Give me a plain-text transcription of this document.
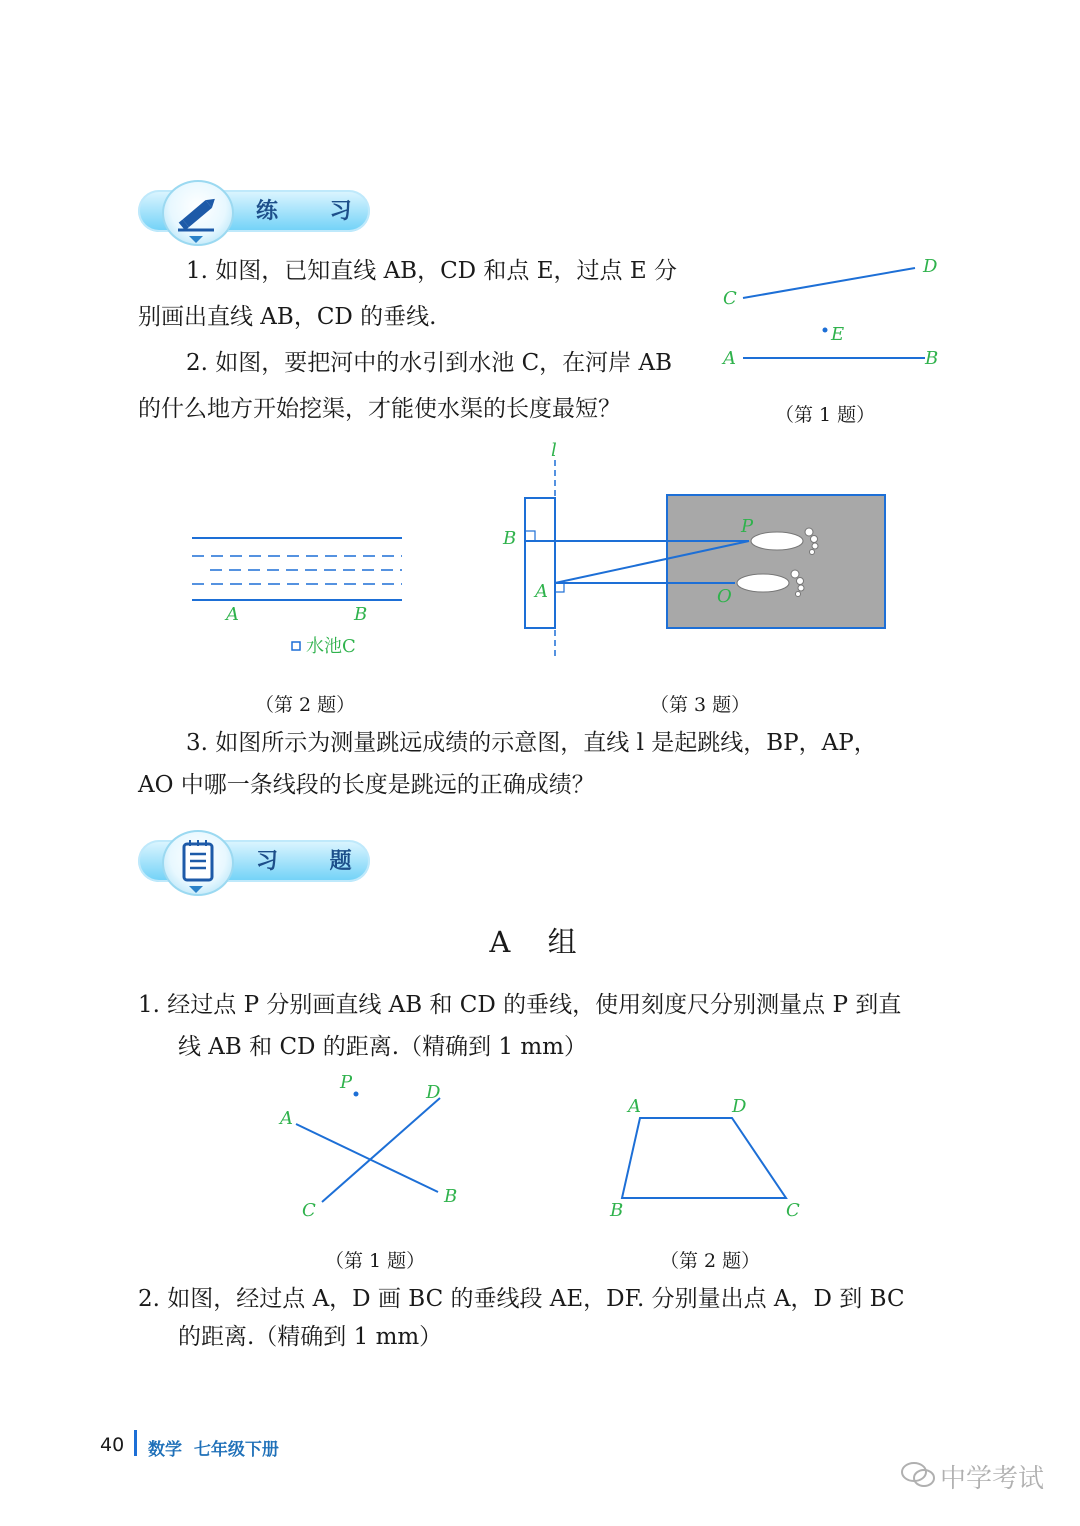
练 习
1. 如图，已知直线 AB，CD 和点 E，过点 E 分
别画出直线 AB，CD 的垂线.
2. 如图，要把河中的水引到水池 C，在河岸 AB
的什么地方开始挖渠，才能使水渠的长度最短？
C
D
E
A	B
（第 1 题）
A	B
水池C
（第 2 题）
l
B
A
P
O
（第 3 题）
3. 如图所示为测量跳远成绩的示意图，直线 l 是起跳线，BP，AP，
AO 中哪一条线段的长度是跳远的正确成绩？
习 题
A 组
1. 经过点 P 分别画直线 AB 和 CD 的垂线，使用刻度尺分别测量点 P 到直
线 AB 和 CD 的距离.（精确到 1 mm）
P
A
D
B
C
（第 1 题）
A	D
B	C
（第 2 题）
2. 如图，经过点 A，D 画 BC 的垂线段 AE，DF. 分别量出点 A，D 到 BC
的距离.（精确到 1 mm）
40 数学  七年级下册
中学考试
